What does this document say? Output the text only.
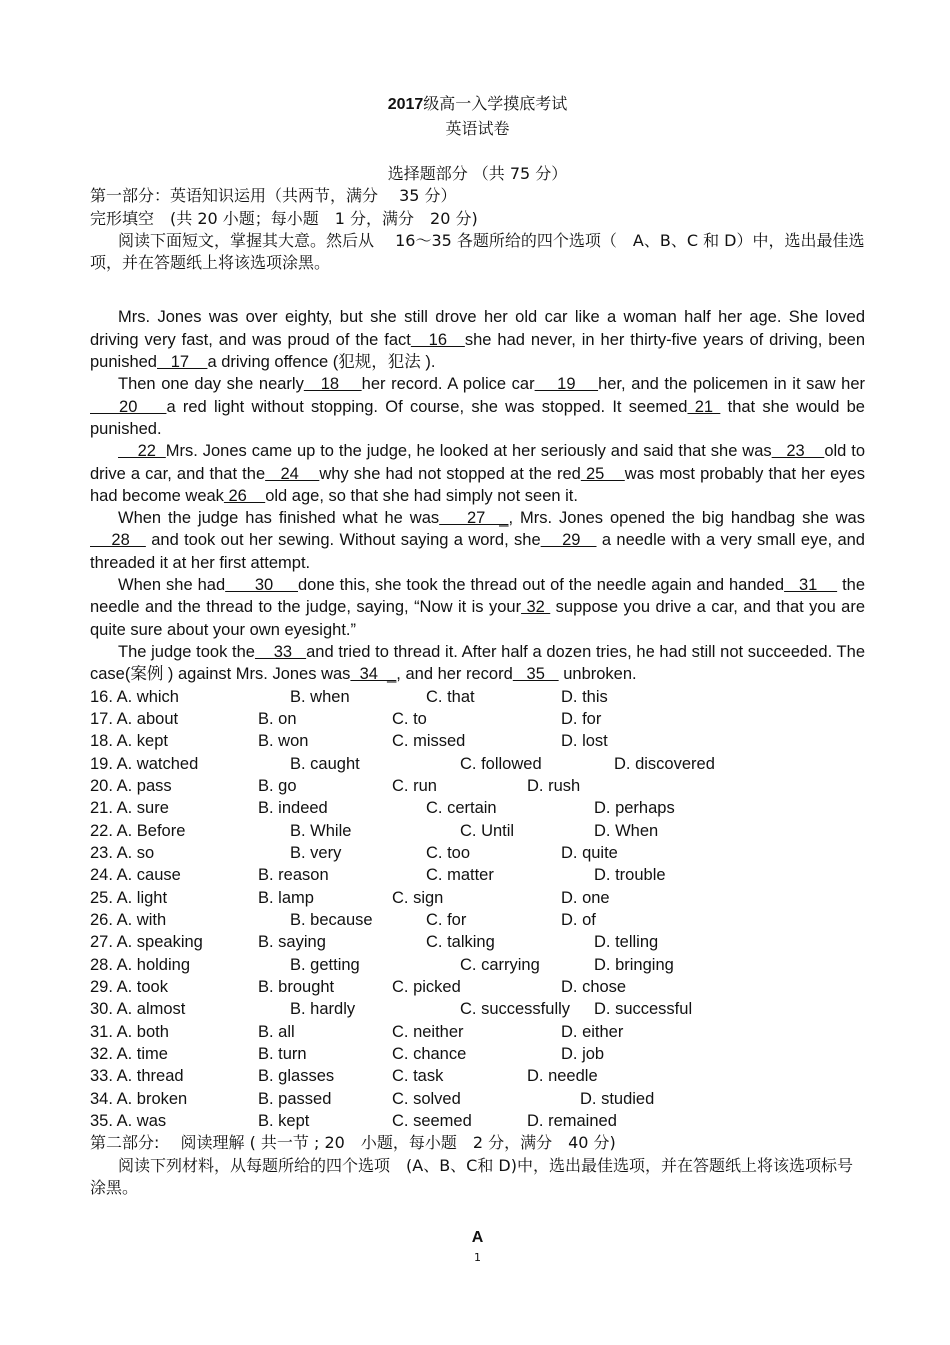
2017级高一入学摸底考试
英语试卷
选择题部分 （共 75 分）
第一部分：英语知识运用（共两节，满分　 35 分）
完形填空　(共 20 小题；每小题　1 分，满分　20 分)
阅读下面短文，掌握其大意。然后从　 16～35 各题所给的四个选项（　A、B、C 和 D）中，选出最佳选项，并在答题纸上将该选项涂黑。
Mrs. Jones was over eighty, but she still drove her old car like a woman half her age. She loved driving very fast, and was proud of the fact   16   she had never, in her thirty-five years of driving, been punished   17    a driving offence (犯规，犯法 ).
Then one day she nearly   18    her record. A police car    19    her, and the policemen in it saw her    20    a red light without stopping. Of course, she was stopped. It seemed 21  that she would be punished.
22  Mrs. Jones came up to the judge, he looked at her seriously and said that she was   23    old to drive a car, and that the   24    why she had not stopped at the red 25    was most probably that her eyes had become weak 26    old age, so that she had simply not seen it.
When the judge has finished what he was    27  _, Mrs. Jones opened the big handbag she was    28    and took out her sewing. Without saying a word, she    29    a needle with a very small eye, and threaded it at her first attempt.
When she had      30     done this, she took the thread out of the needle again and handed   31     the needle and the thread to the judge, saying, “Now it is your 32  suppose you drive a car, and that you are quite sure about your own eyesight.”
The judge took the    33   and tried to thread it. After half a dozen tries, he had still not succeeded. The case(案例 ) against Mrs. Jones was  34  _, and her record   35    unbroken.
16. A. which	B. when	C. that	D. this
17. A. about	B. on	C. to	D. for
18. A. kept	B. won	C. missed	D. lost
19. A. watched	B. caught	C. followed	D. discovered
20. A. pass	B. go	C. run	D. rush
21. A. sure	B. indeed	C. certain	D. perhaps
22. A. Before	B. While	C. Until	D. When
23. A. so	B. very	C. too	D. quite
24. A. cause	B. reason	C. matter	D. trouble
25. A. light	B. lamp	C. sign	D. one
26. A. with	B. because	C. for	D. of
27. A. speaking	B. saying	C. talking	D. telling
28. A. holding	B. getting	C. carrying	D. bringing
29. A. took	B. brought	C. picked	D. chose
30. A. almost	B. hardly	C. successfully D. successful
31. A. both	B. all	C. neither	D. either
32. A. time	B. turn	C. chance	D. job
33. A. thread	B. glasses	C. task	D. needle
34. A. broken	B. passed	C. solved	D. studied
35. A. was	B. kept	C. seemed	D. remained
第二部分:　 阅读理解 ( 共一节 ; 20　小题，每小题　2 分，满分　40 分)
阅读下列材料，从每题所给的四个选项　(A、B、C和 D)中，选出最佳选项，并在答题纸上将该选项标号涂黑。
A
1
